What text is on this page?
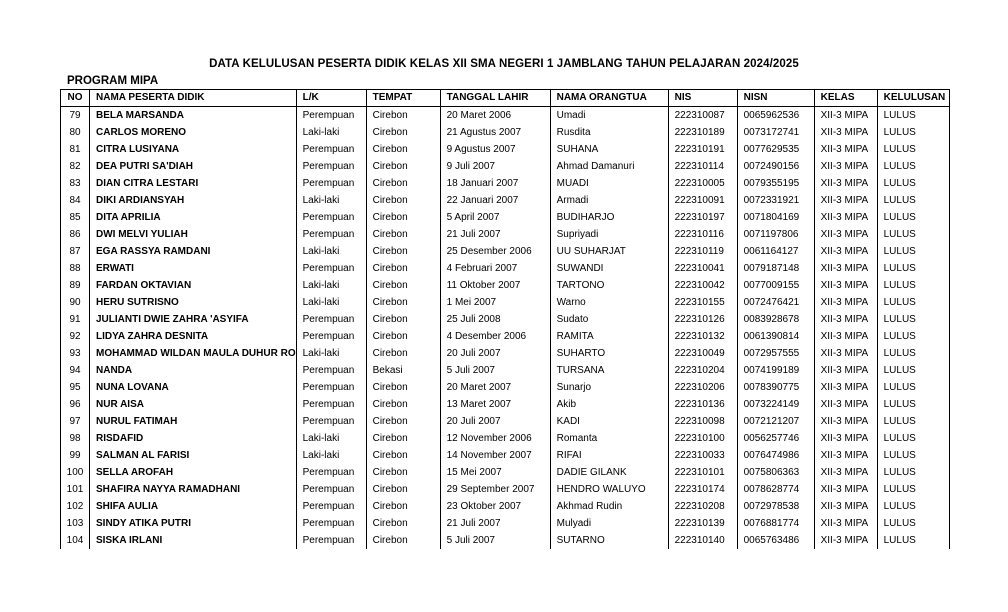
DATA KELULUSAN PESERTA DIDIK KELAS XII SMA NEGERI 1 JAMBLANG TAHUN PELAJARAN 2024/2025
PROGRAM MIPA
NO	NAMA PESERTA DIDIK	L/K	TEMPAT	TANGGAL LAHIR	NAMA ORANGTUA	NIS	NISN	KELAS	KELULUSAN
79	BELA MARSANDA	Perempuan	Cirebon	20 Maret 2006	Umadi	222310087	0065962536	XII-3 MIPA	LULUS
80	CARLOS MORENO	Laki-laki	Cirebon	21 Agustus 2007	Rusdita	222310189	0073172741	XII-3 MIPA	LULUS
81	CITRA LUSIYANA	Perempuan	Cirebon	9 Agustus 2007	SUHANA	222310191	0077629535	XII-3 MIPA	LULUS
82	DEA PUTRI SA'DIAH	Perempuan	Cirebon	9 Juli 2007	Ahmad Damanuri	222310114	0072490156	XII-3 MIPA	LULUS
83	DIAN CITRA LESTARI	Perempuan	Cirebon	18 Januari 2007	MUADI	222310005	0079355195	XII-3 MIPA	LULUS
84	DIKI ARDIANSYAH	Laki-laki	Cirebon	22 Januari 2007	Armadi	222310091	0072331921	XII-3 MIPA	LULUS
85	DITA APRILIA	Perempuan	Cirebon	5 April 2007	BUDIHARJO	222310197	0071804169	XII-3 MIPA	LULUS
86	DWI MELVI YULIAH	Perempuan	Cirebon	21 Juli 2007	Supriyadi	222310116	0071197806	XII-3 MIPA	LULUS
87	EGA RASSYA RAMDANI	Laki-laki	Cirebon	25 Desember 2006	UU SUHARJAT	222310119	0061164127	XII-3 MIPA	LULUS
88	ERWATI	Perempuan	Cirebon	4 Februari 2007	SUWANDI	222310041	0079187148	XII-3 MIPA	LULUS
89	FARDAN OKTAVIAN	Laki-laki	Cirebon	11 Oktober 2007	TARTONO	222310042	0077009155	XII-3 MIPA	LULUS
90	HERU SUTRISNO	Laki-laki	Cirebon	1 Mei 2007	Warno	222310155	0072476421	XII-3 MIPA	LULUS
91	JULIANTI DWIE ZAHRA 'ASYIFA	Perempuan	Cirebon	25 Juli 2008	Sudato	222310126	0083928678	XII-3 MIPA	LULUS
92	LIDYA ZAHRA DESNITA	Perempuan	Cirebon	4 Desember 2006	RAMITA	222310132	0061390814	XII-3 MIPA	LULUS
93	MOHAMMAD WILDAN MAULA DUHUR RO	Laki-laki	Cirebon	20 Juli 2007	SUHARTO	222310049	0072957555	XII-3 MIPA	LULUS
94	NANDA	Perempuan	Bekasi	5 Juli 2007	TURSANA	222310204	0074199189	XII-3 MIPA	LULUS
95	NUNA LOVANA	Perempuan	Cirebon	20 Maret 2007	Sunarjo	222310206	0078390775	XII-3 MIPA	LULUS
96	NUR AISA	Perempuan	Cirebon	13 Maret 2007	Akib	222310136	0073224149	XII-3 MIPA	LULUS
97	NURUL FATIMAH	Perempuan	Cirebon	20 Juli 2007	KADI	222310098	0072121207	XII-3 MIPA	LULUS
98	RISDAFID	Laki-laki	Cirebon	12 November 2006	Romanta	222310100	0056257746	XII-3 MIPA	LULUS
99	SALMAN AL FARISI	Laki-laki	Cirebon	14 November 2007	RIFAI	222310033	0076474986	XII-3 MIPA	LULUS
100	SELLA AROFAH	Perempuan	Cirebon	15 Mei 2007	DADIE GILANK	222310101	0075806363	XII-3 MIPA	LULUS
101	SHAFIRA NAYYA RAMADHANI	Perempuan	Cirebon	29 September 2007	HENDRO WALUYO	222310174	0078628774	XII-3 MIPA	LULUS
102	SHIFA AULIA	Perempuan	Cirebon	23 Oktober 2007	Akhmad Rudin	222310208	0072978538	XII-3 MIPA	LULUS
103	SINDY ATIKA PUTRI	Perempuan	Cirebon	21 Juli 2007	Mulyadi	222310139	0076881774	XII-3 MIPA	LULUS
104	SISKA IRLANI	Perempuan	Cirebon	5 Juli 2007	SUTARNO	222310140	0065763486	XII-3 MIPA	LULUS
